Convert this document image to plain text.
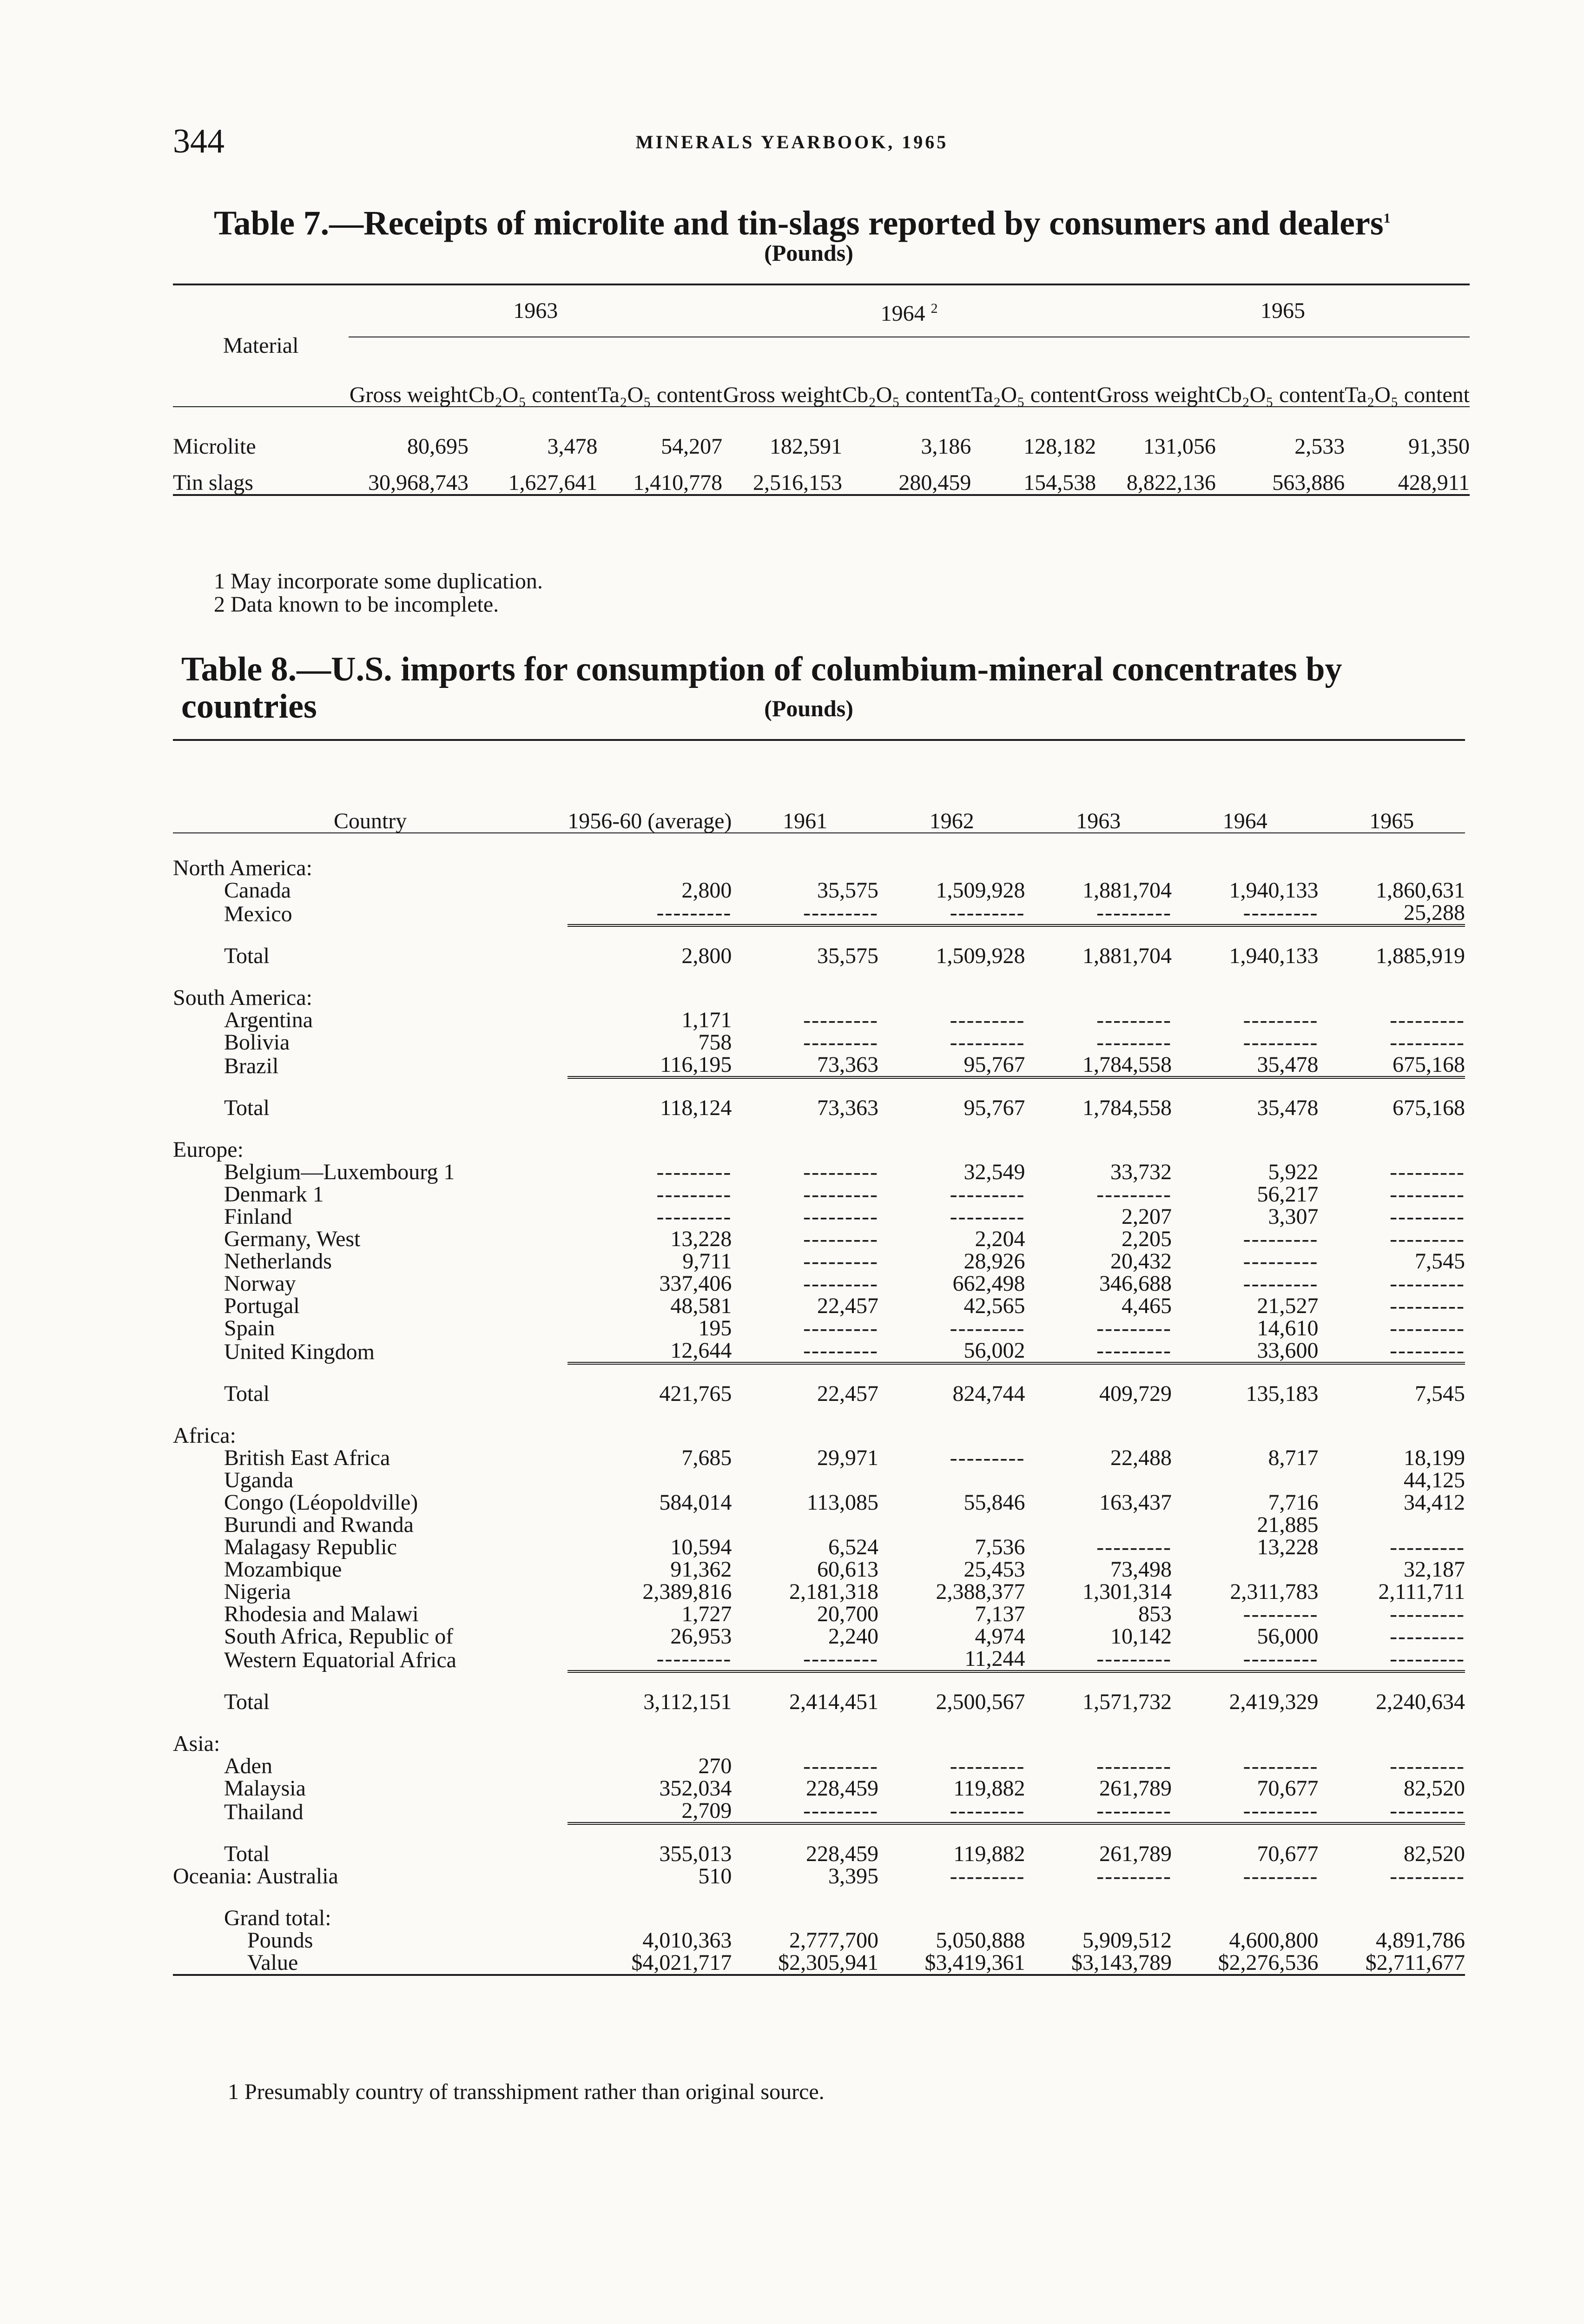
344	MINERALS YEARBOOK, 1965
Table 7.—Receipts of microlite and tin-slags reported by consumers and dealers$^1$
(Pounds)
Material	1963			1964 $^2$			1965		
	Gross weight	Cb₂O₅ content	Ta₂O₅ content	Gross weight	Cb₂O₅ content	Ta₂O₅ content	Gross weight	Cb₂O₅ content	Ta₂O₅ content
Microlite	80,695	3,478	54,207	182,591	3,186	128,182	131,056	2,533	91,350
Tin slags	30,968,743	1,627,641	1,410,778	2,516,153	280,459	154,538	8,822,136	563,886	428,911
1 May incorporate some duplication.
2 Data known to be incomplete.
Table 8.—U.S. imports for consumption of columbium-mineral concentrates by countries	(Pounds)
Country	1956-60 (average)	1961	1962	1963	1964	1965
North America:						
Canada	2,800	35,575	1,509,928	1,881,704	1,940,133	1,860,631
Mexico	---------	---------	---------	---------	---------	25,288
Total	2,800	35,575	1,509,928	1,881,704	1,940,133	1,885,919
South America:						
Argentina	1,171	---------	---------	---------	---------	---------
Bolivia	758	---------	---------	---------	---------	---------
Brazil	116,195	73,363	95,767	1,784,558	35,478	675,168
Total	118,124	73,363	95,767	1,784,558	35,478	675,168
Europe:						
Belgium—Luxembourg 1	---------	---------	32,549	33,732	5,922	---------
Denmark 1	---------	---------	---------	---------	56,217	---------
Finland	---------	---------	---------	2,207	3,307	---------
Germany, West	13,228	---------	2,204	2,205	---------	---------
Netherlands	9,711	---------	28,926	20,432	---------	7,545
Norway	337,406	---------	662,498	346,688	---------	---------
Portugal	48,581	22,457	42,565	4,465	21,527	---------
Spain	195	---------	---------	---------	14,610	---------
United Kingdom	12,644	---------	56,002	---------	33,600	---------
Total	421,765	22,457	824,744	409,729	135,183	7,545
Africa:						
British East Africa	7,685	29,971	---------	22,488	8,717	18,199
Uganda						44,125
Congo (Léopoldville)	584,014	113,085	55,846	163,437	7,716	34,412
Burundi and Rwanda					21,885	
Malagasy Republic	10,594	6,524	7,536	---------	13,228	---------
Mozambique	91,362	60,613	25,453	73,498		32,187
Nigeria	2,389,816	2,181,318	2,388,377	1,301,314	2,311,783	2,111,711
Rhodesia and Malawi	1,727	20,700	7,137	853	---------	---------
South Africa, Republic of	26,953	2,240	4,974	10,142	56,000	---------
Western Equatorial Africa	---------	---------	11,244	---------	---------	---------
Total	3,112,151	2,414,451	2,500,567	1,571,732	2,419,329	2,240,634
Asia:						
Aden	270	---------	---------	---------	---------	---------
Malaysia	352,034	228,459	119,882	261,789	70,677	82,520
Thailand	2,709	---------	---------	---------	---------	---------
Total	355,013	228,459	119,882	261,789	70,677	82,520
Oceania: Australia	510	3,395	---------	---------	---------	---------
Grand total:						
Pounds	4,010,363	2,777,700	5,050,888	5,909,512	4,600,800	4,891,786
Value	$4,021,717	$2,305,941	$3,419,361	$3,143,789	$2,276,536	$2,711,677
1 Presumably country of transshipment rather than original source.
